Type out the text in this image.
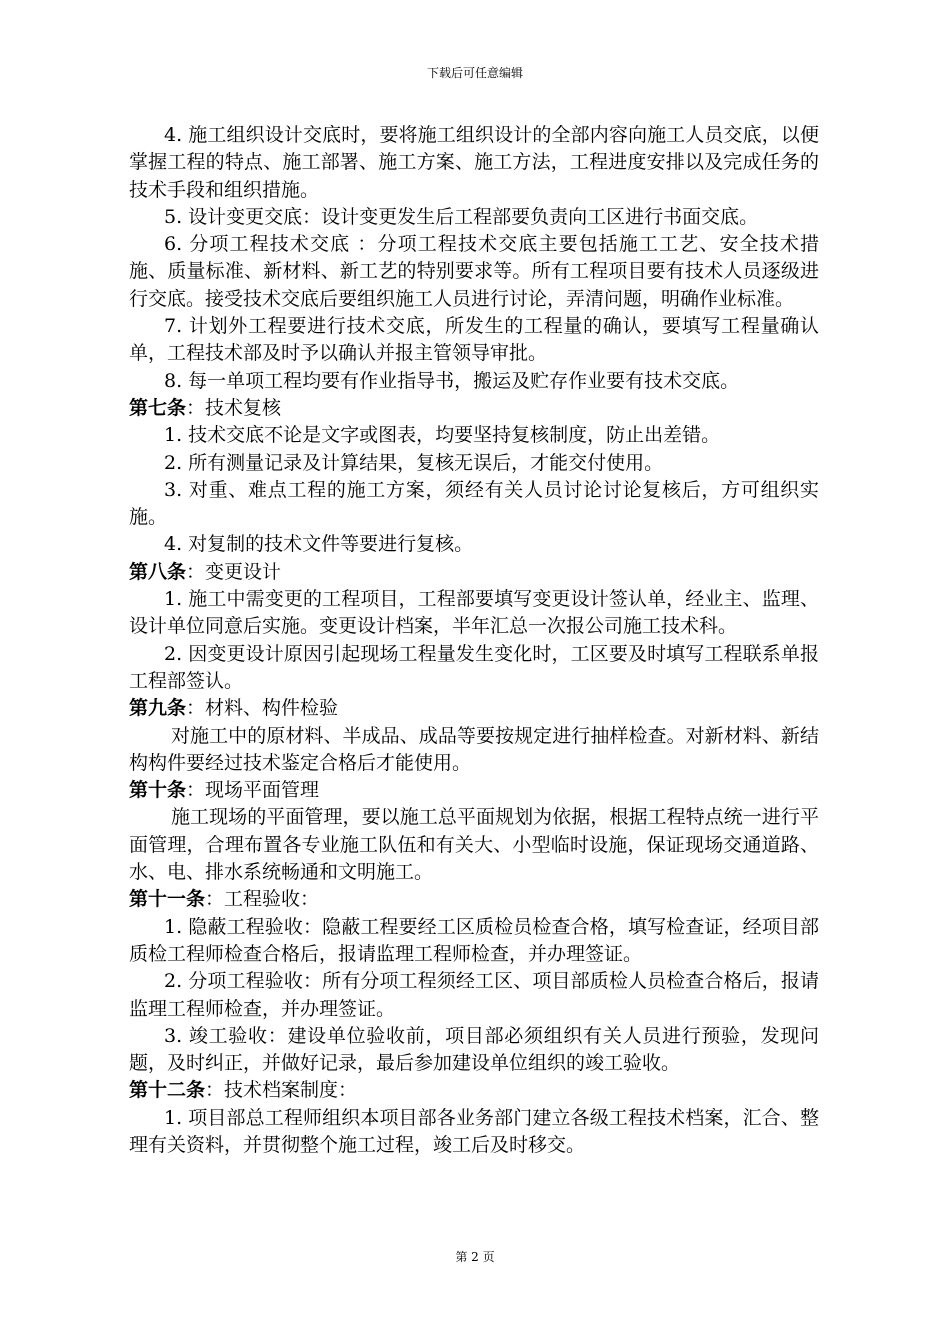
下载后可任意编辑

4. 施工组织设计交底时，要将施工组织设计的全部内容向施工人员交底，以便掌握工程的特点、施工部署、施工方案、施工方法，工程进度安排以及完成任务的技术手段和组织措施。

5. 设计变更交底：设计变更发生后工程部要负责向工区进行书面交底。

6. 分项工程技术交底 ：分项工程技术交底主要包括施工工艺、安全技术措施、质量标准、新材料、新工艺的特别要求等。所有工程项目要有技术人员逐级进行交底。接受技术交底后要组织施工人员进行讨论，弄清问题，明确作业标准。

7. 计划外工程要进行技术交底，所发生的工程量的确认，要填写工程量确认单，工程技术部及时予以确认并报主管领导审批。

8. 每一单项工程均要有作业指导书，搬运及贮存作业要有技术交底。

第七条：技术复核

1. 技术交底不论是文字或图表，均要坚持复核制度，防止出差错。

2. 所有测量记录及计算结果，复核无误后，才能交付使用。

3. 对重、难点工程的施工方案，须经有关人员讨论讨论复核后，方可组织实施。

4. 对复制的技术文件等要进行复核。

第八条：变更设计

1. 施工中需变更的工程项目，工程部要填写变更设计签认单，经业主、监理、设计单位同意后实施。变更设计档案，半年汇总一次报公司施工技术科。

2. 因变更设计原因引起现场工程量发生变化时，工区要及时填写工程联系单报工程部签认。

第九条：材料、构件检验

对施工中的原材料、半成品、成品等要按规定进行抽样检查。对新材料、新结构构件要经过技术鉴定合格后才能使用。

第十条：现场平面管理

施工现场的平面管理，要以施工总平面规划为依据，根据工程特点统一进行平面管理，合理布置各专业施工队伍和有关大、小型临时设施，保证现场交通道路、水、电、排水系统畅通和文明施工。

第十一条：工程验收：

1. 隐蔽工程验收：隐蔽工程要经工区质检员检查合格，填写检查证，经项目部质检工程师检查合格后，报请监理工程师检查，并办理签证。

2. 分项工程验收：所有分项工程须经工区、项目部质检人员检查合格后，报请监理工程师检查，并办理签证。

3. 竣工验收：建设单位验收前，项目部必须组织有关人员进行预验，发现问题，及时纠正，并做好记录，最后参加建设单位组织的竣工验收。

第十二条：技术档案制度：

1. 项目部总工程师组织本项目部各业务部门建立各级工程技术档案，汇合、整理有关资料，并贯彻整个施工过程，竣工后及时移交。

第 2 页
